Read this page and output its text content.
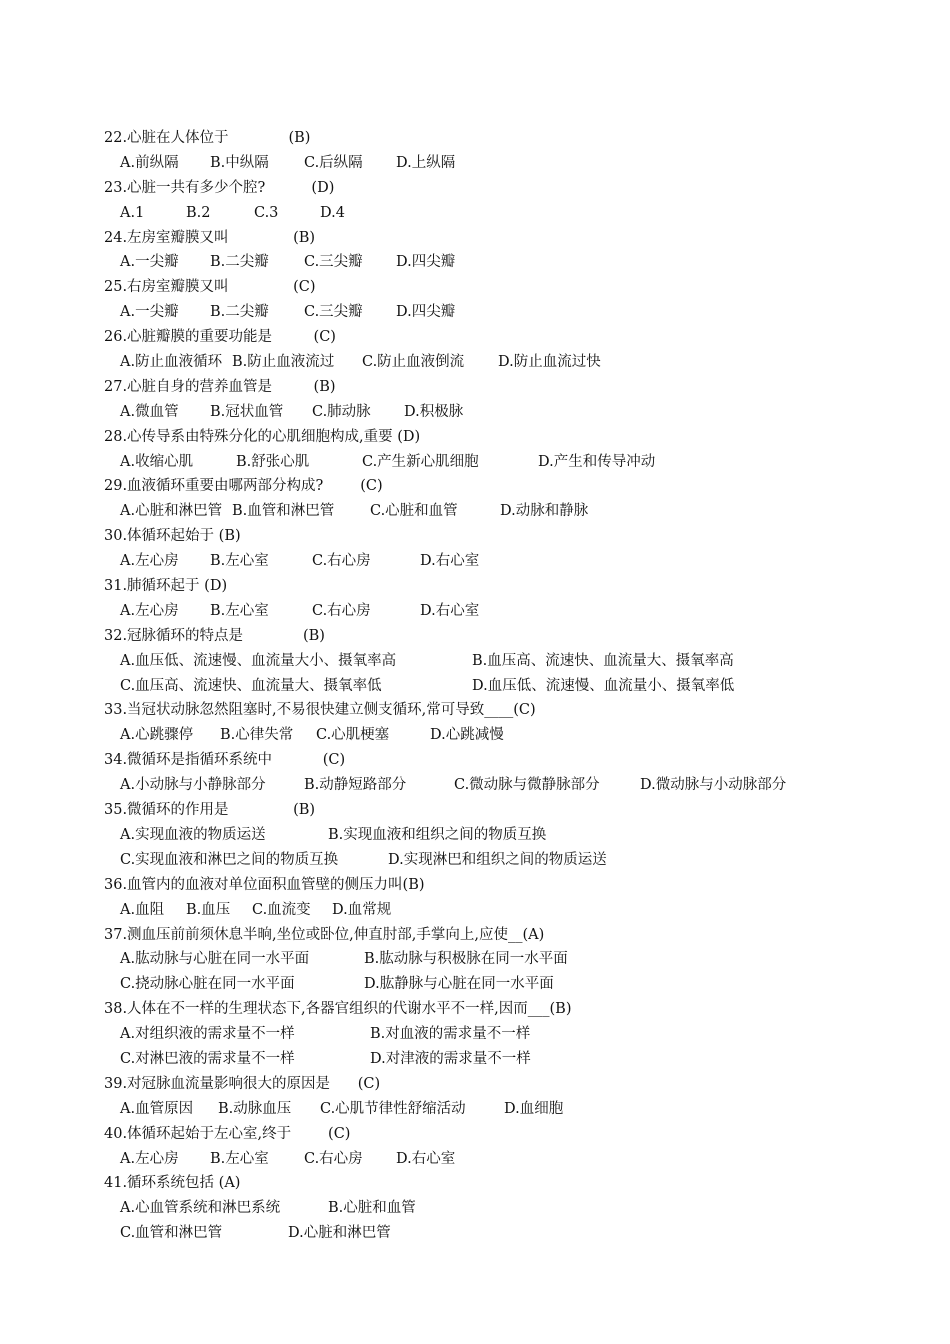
22.心脏在人体位于             (B)
A.前纵隔 B.中纵隔 C.后纵隔 D.上纵隔
23.心脏一共有多少个腔?          (D)
A.1	B.2	C.3	D.4
24.左房室瓣膜又叫              (B)
A.一尖瓣 B.二尖瓣 C.三尖瓣 D.四尖瓣
25.右房室瓣膜又叫              (C)
A.一尖瓣 B.二尖瓣 C.三尖瓣 D.四尖瓣
26.心脏瓣膜的重要功能是         (C)
A.防止血液循环 B.防止血液流过 C.防止血液倒流 D.防止血流过快
27.心脏自身的营养血管是         (B)
A.微血管 B.冠状血管 C.肺动脉 D.积极脉
28.心传导系由特殊分化的心肌细胞构成,重要 (D)
A.收缩心肌	B.舒张心肌	C.产生新心肌细胞	D.产生和传导冲动
29.血液循环重要由哪两部分构成?        (C)
A.心脏和淋巴管 B.血管和淋巴管 C.心脏和血管	D.动脉和静脉
30.体循环起始于 (B)
A.左心房 B.左心室	C.右心房	D.右心室
31.肺循环起于 (D)
A.左心房 B.左心室	C.右心房	D.右心室
32.冠脉循环的特点是             (B)
A.血压低、流速慢、血流量大小、摄氧率高	B.血压高、流速快、血流量大、摄氧率高
C.血压高、流速快、血流量大、摄氧率低	D.血压低、流速慢、血流量小、摄氧率低
33.当冠状动脉忽然阻塞时,不易很快建立侧支循环,常可导致____(C)
A.心跳骤停 B.心律失常 C.心肌梗塞	D.心跳减慢
34.微循环是指循环系统中           (C)
A.小动脉与小静脉部分	B.动静短路部分	C.微动脉与微静脉部分	D.微动脉与小动脉部分
35.微循环的作用是              (B)
A.实现血液的物质运送	B.实现血液和组织之间的物质互换
C.实现血液和淋巴之间的物质互换	D.实现淋巴和组织之间的物质运送
36.血管内的血液对单位面积血管壁的侧压力叫(B)
A.血阻 B.血压 C.血流变 D.血常规
37.测血压前前须休息半晌,坐位或卧位,伸直肘部,手掌向上,应使__(A)
A.肱动脉与心脏在同一水平面	B.肱动脉与积极脉在同一水平面
C.挠动脉心脏在同一水平面	D.肱静脉与心脏在同一水平面
38.人体在不一样的生理状态下,各器官组织的代谢水平不一样,因而___(B)
A.对组织液的需求量不一样	B.对血液的需求量不一样
C.对淋巴液的需求量不一样	D.对津液的需求量不一样
39.对冠脉血流量影响很大的原因是      (C)
A.血管原因 B.动脉血压 C.心肌节律性舒缩活动	D.血细胞
40.体循环起始于左心室,终于        (C)
A.左心房 B.左心室 C.右心房 D.右心室
41.循环系统包括 (A)
A.心血管系统和淋巴系统	B.心脏和血管
C.血管和淋巴管	D.心脏和淋巴管
